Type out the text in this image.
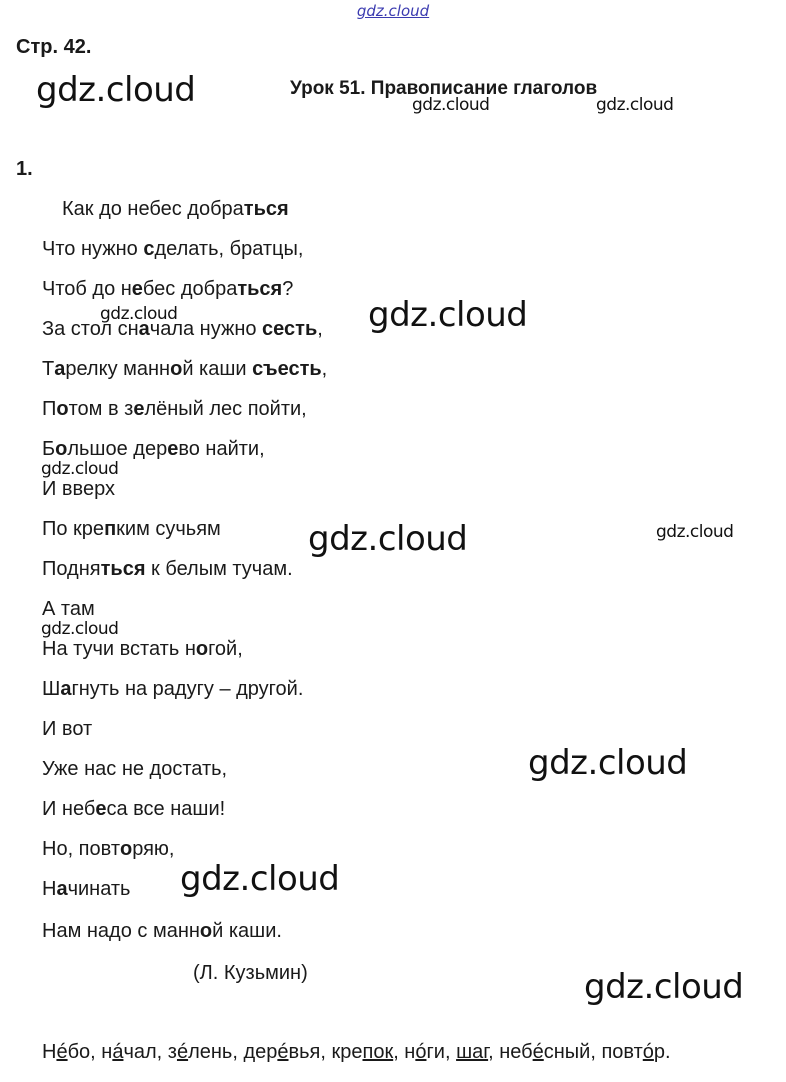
gdz.cloud
Стр. 42.
Урок 51. Правописание глаголов
1.
Как до небес добраться
Что нужно сделать, братцы,
Чтоб до небес добраться?
За стол сначала нужно сесть,
Тарелку манной каши съесть,
Потом в зелёный лес пойти,
Большое дерево найти,
И вверх
По крепким сучьям
Подняться к белым тучам.
А там
На тучи встать ногой,
Шагнуть на радугу – другой.
И вот
Уже нас не достать,
И небеса все наши!
Но, повторяю,
Начинать
Нам надо с манной каши.
(Л. Кузьмин)
Нéбо, нáчал, зéлень, дерéвья, крепок, нóги, шаг, небéсный, повтóр.
gdz.cloud	gdz.cloud	gdz.cloud
gdz.cloud	gdz.cloud
gdz.cloud
gdz.cloud	gdz.cloud
gdz.cloud
gdz.cloud
gdz.cloud
gdz.cloud
